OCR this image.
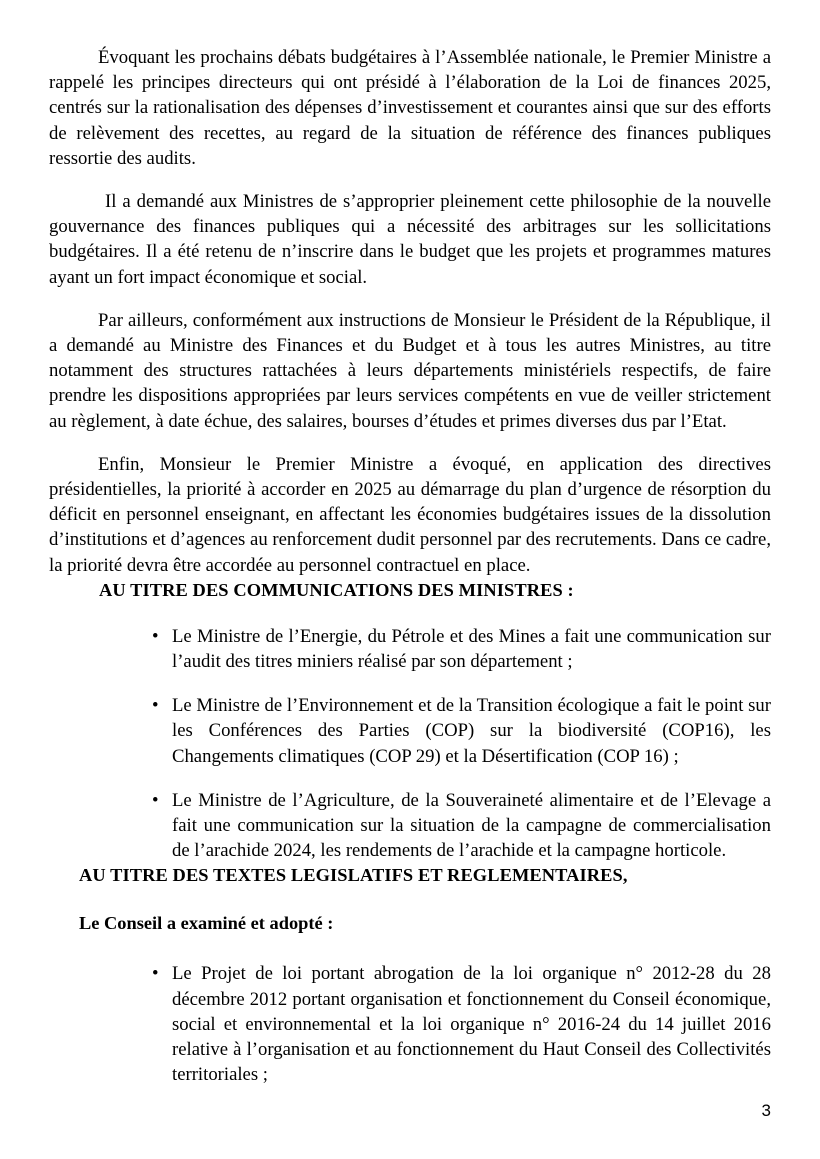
Évoquant les prochains débats budgétaires à l’Assemblée nationale, le Premier Ministre a rappelé les principes directeurs qui ont présidé à l’élaboration de la Loi de finances 2025, centrés sur la rationalisation des dépenses d’investissement et courantes ainsi que sur des efforts de relèvement des recettes, au regard de la situation de référence des finances publiques ressortie des audits.

Il a demandé aux Ministres de s’approprier pleinement cette philosophie de la nouvelle gouvernance des finances publiques qui a nécessité des arbitrages sur les sollicitations budgétaires. Il a été retenu de n’inscrire dans le budget que les projets et programmes matures ayant un fort impact économique et social.

Par ailleurs, conformément aux instructions de Monsieur le Président de la République, il a demandé au Ministre des Finances et du Budget et à tous les autres Ministres, au titre notamment des structures rattachées à leurs départements ministériels respectifs, de faire prendre les dispositions appropriées par leurs services compétents en vue de veiller strictement au règlement, à date échue, des salaires, bourses d’études et primes diverses dus par l’Etat.

Enfin, Monsieur le Premier Ministre a évoqué, en application des directives présidentielles, la priorité à accorder en 2025 au démarrage du plan d’urgence de résorption du déficit en personnel enseignant, en affectant les économies budgétaires issues de la dissolution d’institutions et d’agences au renforcement dudit personnel par des recrutements. Dans ce cadre, la priorité devra être accordée au personnel contractuel en place.

AU TITRE DES COMMUNICATIONS DES MINISTRES :
• Le Ministre de l’Energie, du Pétrole et des Mines a fait une communication sur l’audit des titres miniers réalisé par son département ;
• Le Ministre de l’Environnement et de la Transition écologique a fait le point sur les Conférences des Parties (COP) sur la biodiversité (COP16), les Changements climatiques (COP 29) et la Désertification (COP 16) ;
• Le Ministre de l’Agriculture, de la Souveraineté alimentaire et de l’Elevage a fait une communication sur la situation de la campagne de commercialisation de l’arachide 2024, les rendements de l’arachide et la campagne horticole.
AU TITRE DES TEXTES LEGISLATIFS ET REGLEMENTAIRES,
Le Conseil a examiné et adopté :
• Le Projet de loi portant abrogation de la loi organique n° 2012-28 du 28 décembre 2012 portant organisation et fonctionnement du Conseil économique, social et environnemental et la loi organique n° 2016-24 du 14 juillet 2016 relative à l’organisation et au fonctionnement du Haut Conseil des Collectivités territoriales ;
3
